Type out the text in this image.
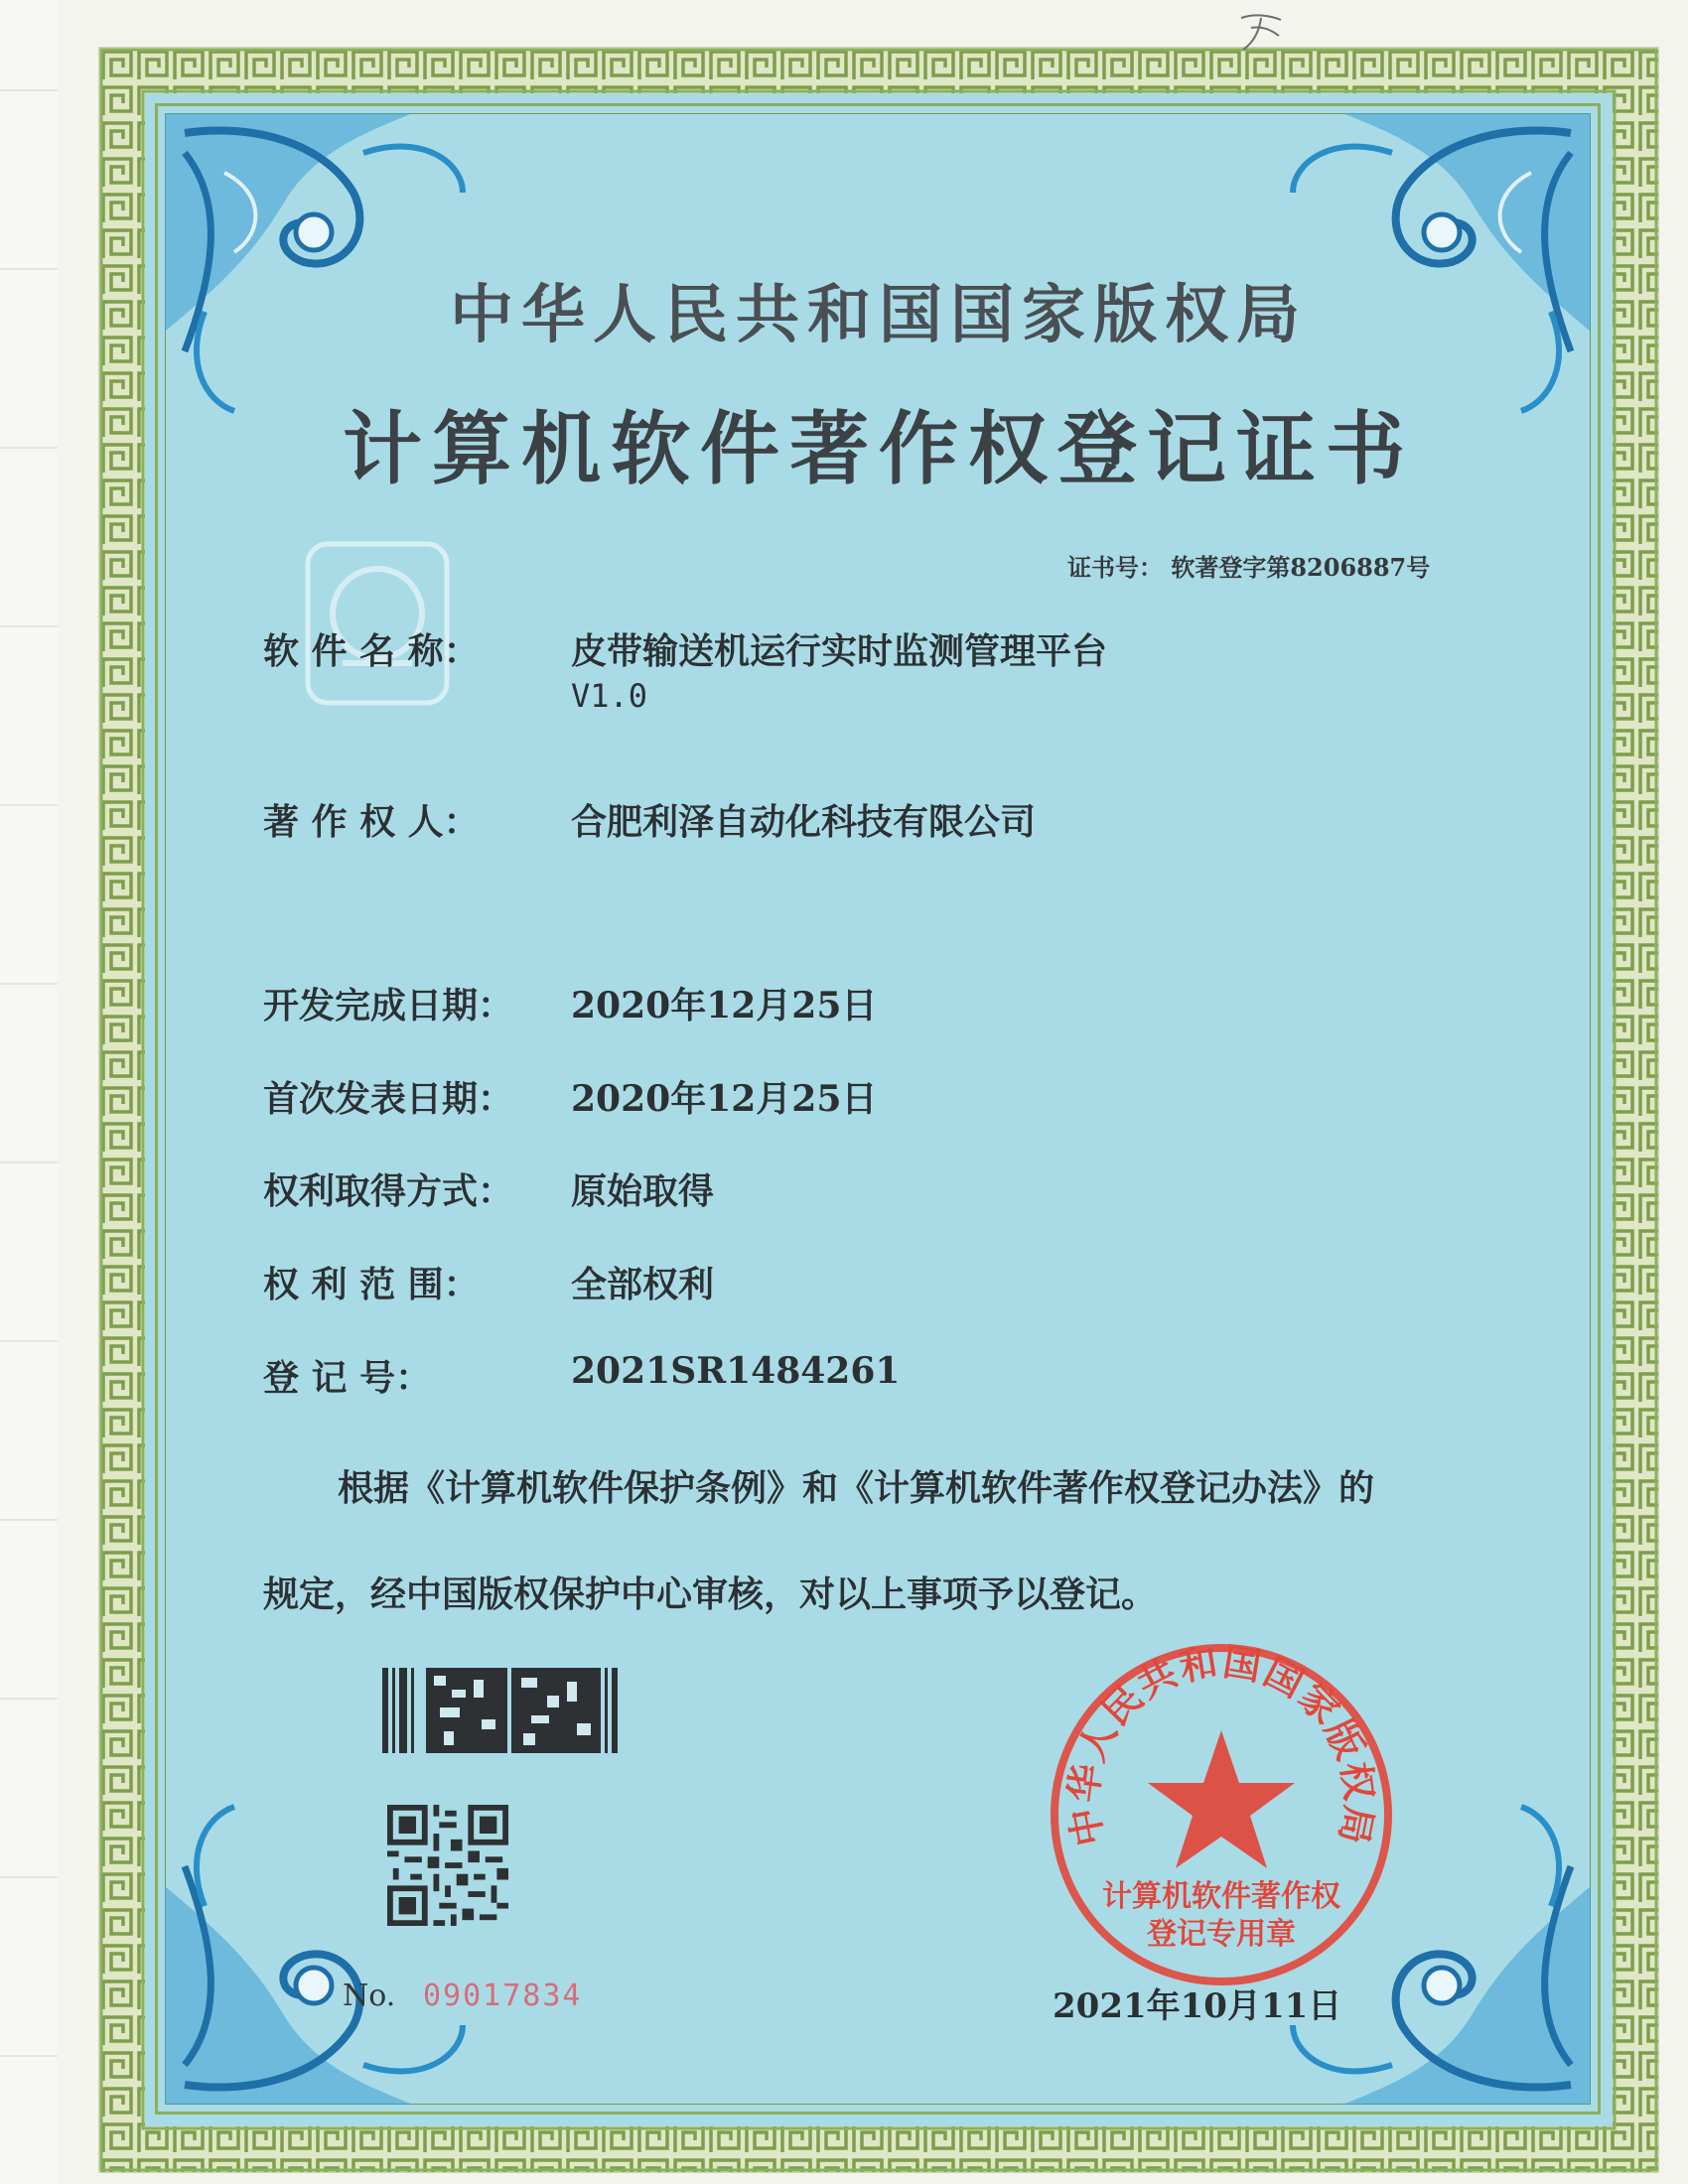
中华人民共和国国家版权局
计算机软件著作权登记证书
证书号： 软著登字第8206887号
软 件 名 称：	皮带输送机运行实时监测管理平台
V1.0
著 作 权 人：	合肥利泽自动化科技有限公司
开发完成日期： 2020年12月25日
首次发表日期： 2020年12月25日
权利取得方式： 原始取得
权 利 范 围：	全部权利
登 记 号：	2021SR1484261
根据《计算机软件保护条例》和《计算机软件著作权登记办法》的
规定，经中国版权保护中心审核，对以上事项予以登记。
No. 09017834
中华人民共和国国家版权局
计算机软件著作权
登记专用章
2021年10月11日
